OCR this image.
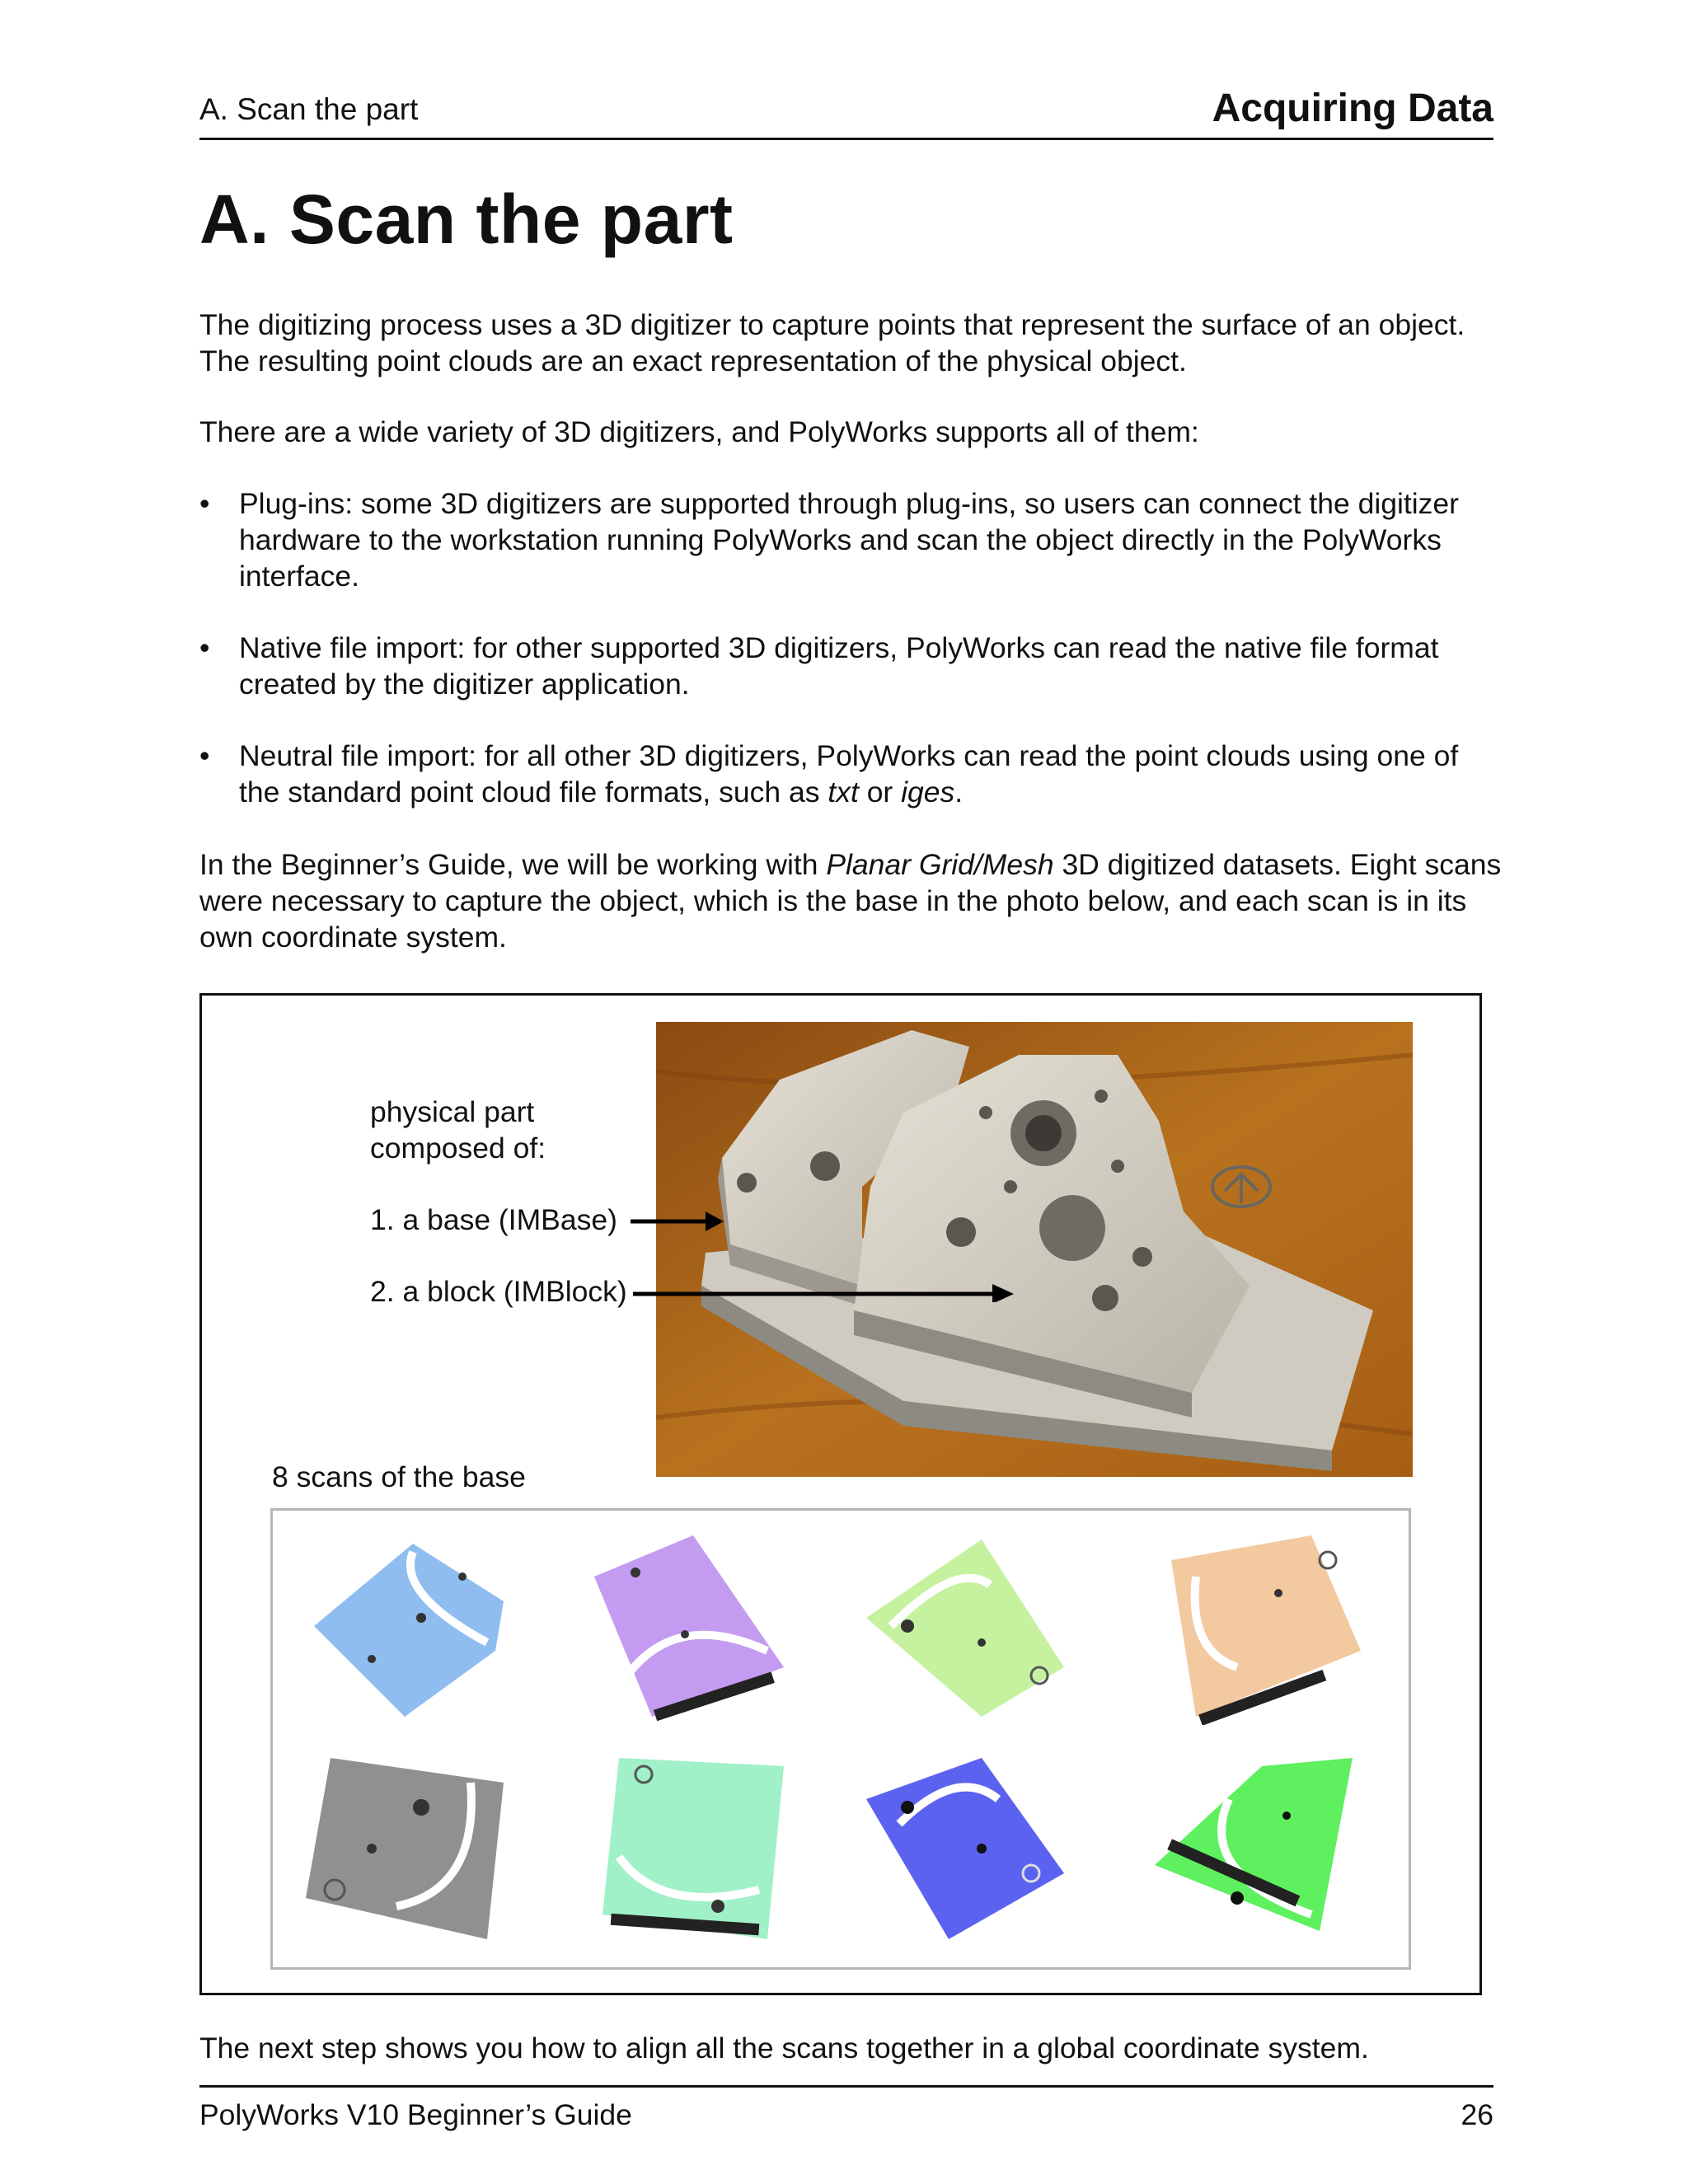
A. Scan the part	Acquiring Data
A. Scan the part

The digitizing process uses a 3D digitizer to capture points that represent the surface of an object. The resulting point clouds are an exact representation of the physical object.

There are a wide variety of 3D digitizers, and PolyWorks supports all of them:

• Plug-ins: some 3D digitizers are supported through plug-ins, so users can connect the digitizer hardware to the workstation running PolyWorks and scan the object directly in the PolyWorks interface.
• Native file import: for other supported 3D digitizers, PolyWorks can read the native file format created by the digitizer application.
• Neutral file import: for all other 3D digitizers, PolyWorks can read the point clouds using one of the standard point cloud file formats, such as txt or iges.

In the Beginner’s Guide, we will be working with Planar Grid/Mesh 3D digitized datasets. Eight scans were necessary to capture the object, which is the base in the photo below, and each scan is in its own coordinate system.

physical part
composed of:
1. a base (IMBase)
2. a block (IMBlock)
8 scans of the base

The next step shows you how to align all the scans together in a global coordinate system.

PolyWorks V10 Beginner’s Guide	26
